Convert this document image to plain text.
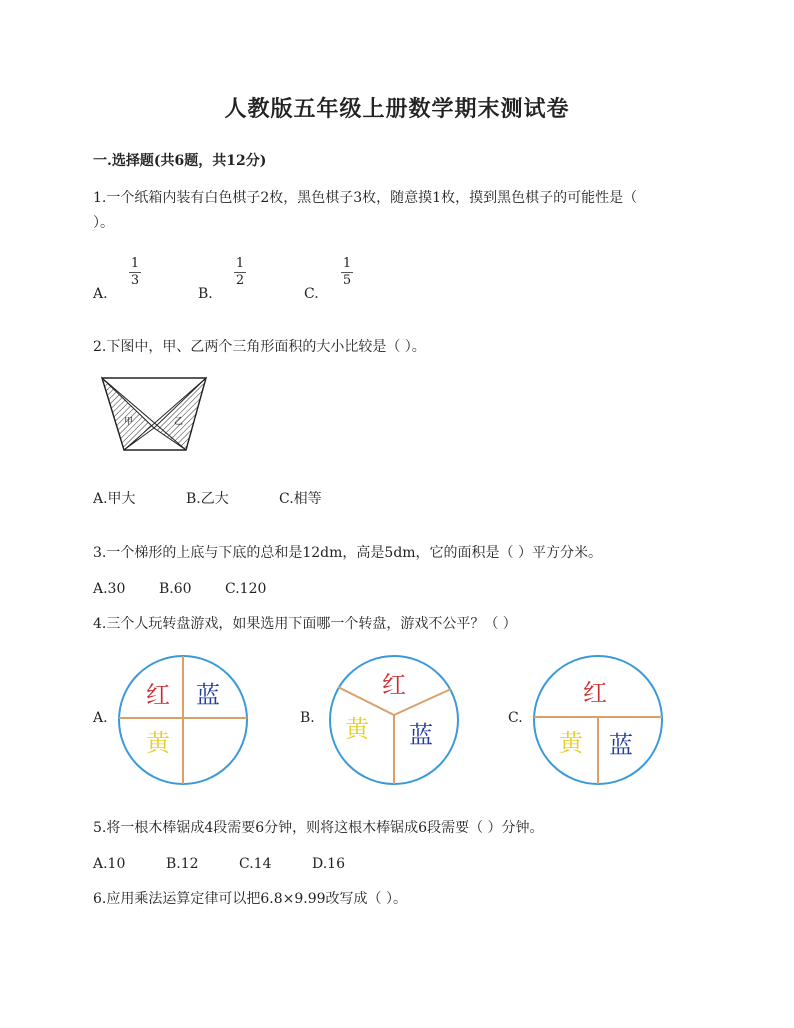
人教版五年级上册数学期末测试卷
一.选择题(共6题，共12分)
1.一个纸箱内装有白色棋子2枚，黑色棋子3枚，随意摸1枚，摸到黑色棋子的可能性是（
）。
A.
1
3
B.
1
2
C.
1
5
2.下图中，甲、乙两个三角形面积的大小比较是（ ）。
甲	乙
A.甲大	B.乙大	C.相等
3.一个梯形的上底与下底的总和是12dm，高是5dm，它的面积是（ ）平方分米。
A.30 B.60 C.120
4.三个人玩转盘游戏，如果选用下面哪一个转盘，游戏不公平？（ ）
A.
红 蓝
黄
B.
红
黄 蓝
C.
红
黄 蓝
5.将一根木棒锯成4段需要6分钟，则将这根木棒锯成6段需要（ ）分钟。
A.10	B.12	C.14	D.16
6.应用乘法运算定律可以把6.8×9.99改写成（ ）。
